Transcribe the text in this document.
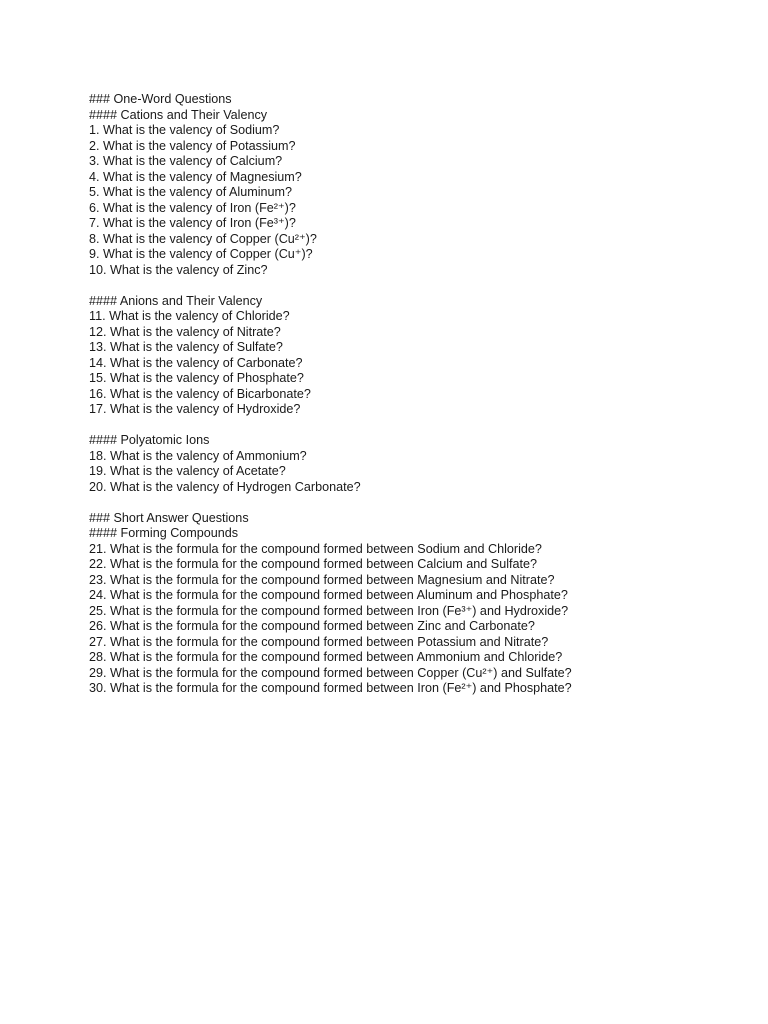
### One-Word Questions
#### Cations and Their Valency
1. What is the valency of Sodium?
2. What is the valency of Potassium?
3. What is the valency of Calcium?
4. What is the valency of Magnesium?
5. What is the valency of Aluminum?
6. What is the valency of Iron (Fe²⁺)?
7. What is the valency of Iron (Fe³⁺)?
8. What is the valency of Copper (Cu²⁺)?
9. What is the valency of Copper (Cu⁺)?
10. What is the valency of Zinc?
#### Anions and Their Valency
11. What is the valency of Chloride?
12. What is the valency of Nitrate?
13. What is the valency of Sulfate?
14. What is the valency of Carbonate?
15. What is the valency of Phosphate?
16. What is the valency of Bicarbonate?
17. What is the valency of Hydroxide?
#### Polyatomic Ions
18. What is the valency of Ammonium?
19. What is the valency of Acetate?
20. What is the valency of Hydrogen Carbonate?
### Short Answer Questions
#### Forming Compounds
21. What is the formula for the compound formed between Sodium and Chloride?
22. What is the formula for the compound formed between Calcium and Sulfate?
23. What is the formula for the compound formed between Magnesium and Nitrate?
24. What is the formula for the compound formed between Aluminum and Phosphate?
25. What is the formula for the compound formed between Iron (Fe³⁺) and Hydroxide?
26. What is the formula for the compound formed between Zinc and Carbonate?
27. What is the formula for the compound formed between Potassium and Nitrate?
28. What is the formula for the compound formed between Ammonium and Chloride?
29. What is the formula for the compound formed between Copper (Cu²⁺) and Sulfate?
30. What is the formula for the compound formed between Iron (Fe²⁺) and Phosphate?
